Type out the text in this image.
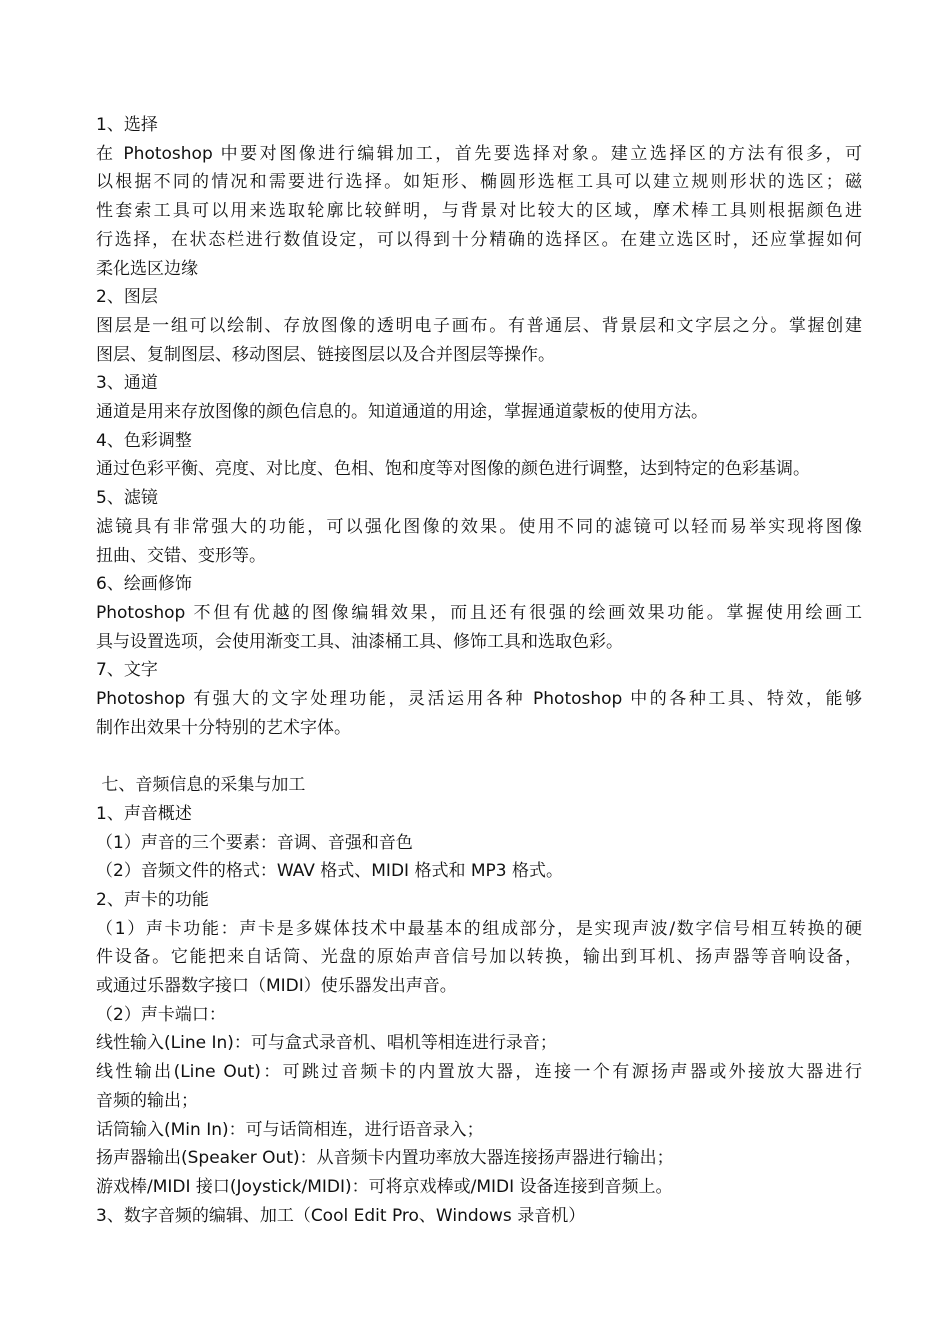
1、选择
在 Photoshop 中要对图像进行编辑加工，首先要选择对象。建立选择区的方法有很多，可
以根据不同的情况和需要进行选择。如矩形、椭圆形选框工具可以建立规则形状的选区；磁
性套索工具可以用来选取轮廓比较鲜明，与背景对比较大的区域，摩术棒工具则根据颜色进
行选择，在状态栏进行数值设定，可以得到十分精确的选择区。在建立选区时，还应掌握如何
柔化选区边缘
2、图层
图层是一组可以绘制、存放图像的透明电子画布。有普通层、背景层和文字层之分。掌握创建
图层、复制图层、移动图层、链接图层以及合并图层等操作。
3、通道
通道是用来存放图像的颜色信息的。知道通道的用途，掌握通道蒙板的使用方法。
4、色彩调整
通过色彩平衡、亮度、对比度、色相、饱和度等对图像的颜色进行调整，达到特定的色彩基调。
5、滤镜
滤镜具有非常强大的功能，可以强化图像的效果。使用不同的滤镜可以轻而易举实现将图像
扭曲、交错、变形等。
6、绘画修饰
Photoshop 不但有优越的图像编辑效果，而且还有很强的绘画效果功能。掌握使用绘画工
具与设置选项，会使用渐变工具、油漆桶工具、修饰工具和选取色彩。
7、文字
Photoshop 有强大的文字处理功能，灵活运用各种 Photoshop 中的各种工具、特效，能够
制作出效果十分特别的艺术字体。
七、音频信息的采集与加工
1、声音概述
（1）声音的三个要素：音调、音强和音色
（2）音频文件的格式：WAV 格式、MIDI 格式和 MP3 格式。
2、声卡的功能
（1）声卡功能：声卡是多媒体技术中最基本的组成部分，是实现声波/数字信号相互转换的硬
件设备。它能把来自话筒、光盘的原始声音信号加以转换，输出到耳机、扬声器等音响设备，
或通过乐器数字接口（MIDI）使乐器发出声音。
（2）声卡端口：
线性输入(Line In)：可与盒式录音机、唱机等相连进行录音；
线性输出(Line Out)：可跳过音频卡的内置放大器，连接一个有源扬声器或外接放大器进行
音频的输出；
话筒输入(Min In)：可与话筒相连，进行语音录入；
扬声器输出(Speaker Out)：从音频卡内置功率放大器连接扬声器进行输出；
游戏棒/MIDI 接口(Joystick/MIDI)：可将京戏棒或/MIDI 设备连接到音频上。
3、数字音频的编辑、加工（Cool Edit Pro、Windows 录音机）
